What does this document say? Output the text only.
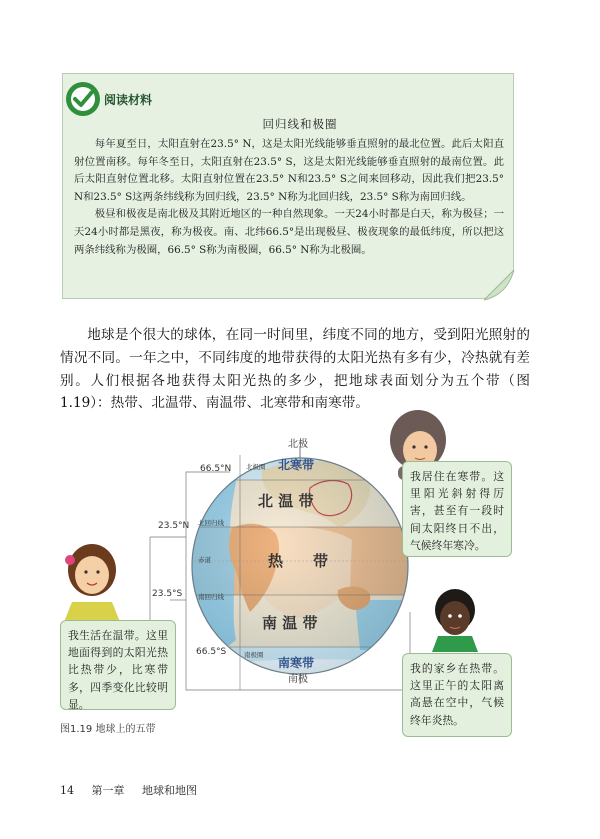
阅读材料
回归线和极圈

每年夏至日，太阳直射在23.5° N，这是太阳光线能够垂直照射的最北位置。此后太阳直射位置南移。每年冬至日，太阳直射在23.5° S，这是太阳光线能够垂直照射的最南位置。此后太阳直射位置北移。太阳直射位置在23.5° N和23.5° S之间来回移动，因此我们把23.5° N和23.5° S这两条纬线称为回归线，23.5° N称为北回归线，23.5° S称为南回归线。

极昼和极夜是南北极及其附近地区的一种自然现象。一天24小时都是白天，称为极昼；一天24小时都是黑夜，称为极夜。南、北纬66.5°是出现极昼、极夜现象的最低纬度，所以把这两条纬线称为极圈，66.5° S称为南极圈，66.5° N称为北极圈。

地球是个很大的球体，在同一时间里，纬度不同的地方，受到阳光照射的情况不同。一年之中，不同纬度的地带获得的太阳光热有多有少，冷热就有差别。人们根据各地获得太阳光热的多少，把地球表面划分为五个带（图1.19）：热带、北温带、南温带、北寒带和南寒带。

北极
南极
66.5°N
23.5°N
23.5°S
66.5°S
北极圈
北回归线
赤道
南回归线
南极圈
北寒带
北 温 带
热　　带
南 温 带
南寒带
我居住在寒带。这里阳光斜射得厉害，甚至有一段时间太阳终日不出，气候终年寒冷。
我生活在温带。这里地面得到的太阳光热比热带少，比寒带多，四季变化比较明显。
我的家乡在热带。这里正午的太阳离高悬在空中，气候终年炎热。
图1.19 地球上的五带
14 第一章 地球和地图
